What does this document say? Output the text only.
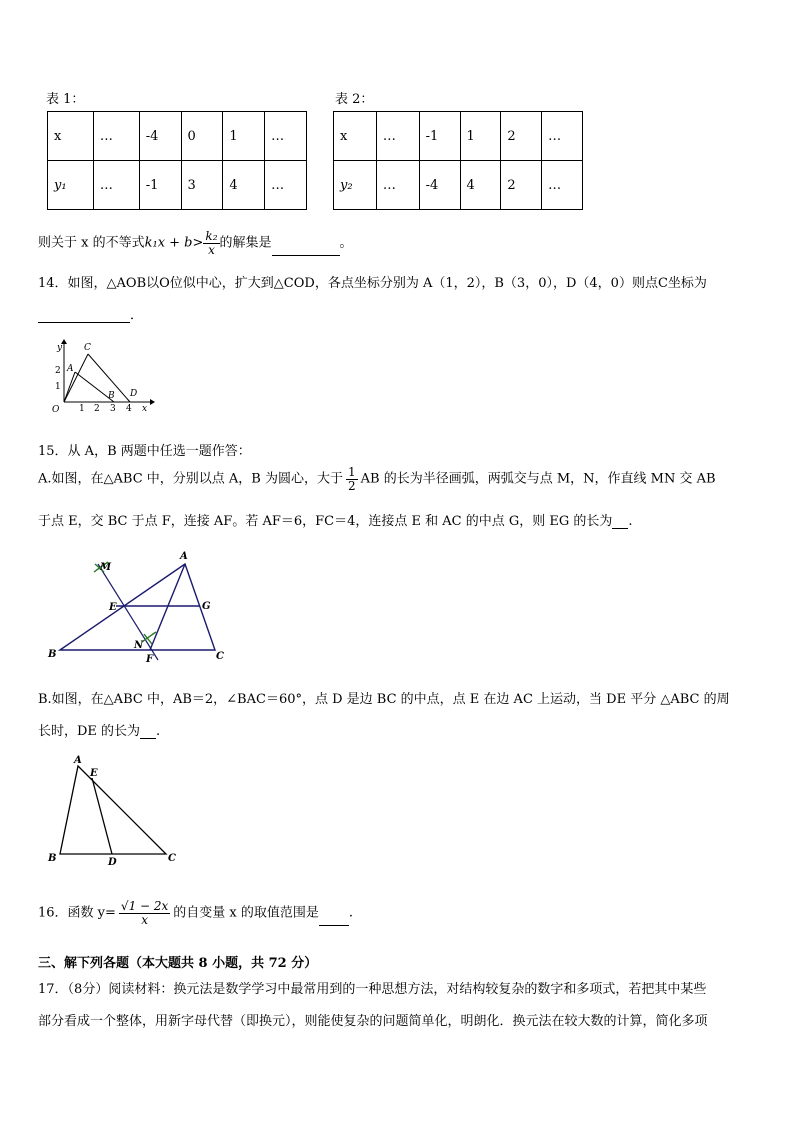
表 1：	表 2：
x	…	-4	0	1	…
y₁	…	-1	3	4	…
x	…	-1	1	2	…
y₂	…	-4	4	2	…
则关于 x 的不等式$k_1x + b> \frac{\text{k₂}}{x}$ 的解集是	。
14．如图，△AOB以O位似中心，扩大到△COD，各点坐标分别为 A（1，2），B（3，0），D（4，0）则点C坐标为
．
y C
A
2
1
O 1 2 3 4
B D
x
15．从 A，B 两题中任选一题作答：
A.如图，在△ABC 中，分别以点 A，B 为圆心，大于 $\frac{1}{2}$ AB 的长为半径画弧，两弧交与点 M，N，作直线 MN 交 AB
于点 E，交 BC 于点 F，连接 AF。若 AF＝6，FC＝4，连接点 E 和 AC 的中点 G，则 EG 的长为 .
M
A
E	G
N
F
B	C
B.如图，在△ABC 中，AB＝2，∠BAC＝60°，点 D 是边 BC 的中点，点 E 在边 AC 上运动，当 DE 平分 △ABC 的周
长时，DE 的长为 .
A
E
B	D	C
16．函数 $y= \frac{√1 - 2x}{x}$ 的自变量 x 的取值范围是 .
三、解下列各题（本大题共 8 小题，共 72 分）
17．（8分）阅读材料：换元法是数学学习中最常用到的一种思想方法，对结构较复杂的数字和多项式，若把其中某些
部分看成一个整体，用新字母代替（即换元），则能使复杂的问题简单化，明朗化．换元法在较大数的计算，简化多项
